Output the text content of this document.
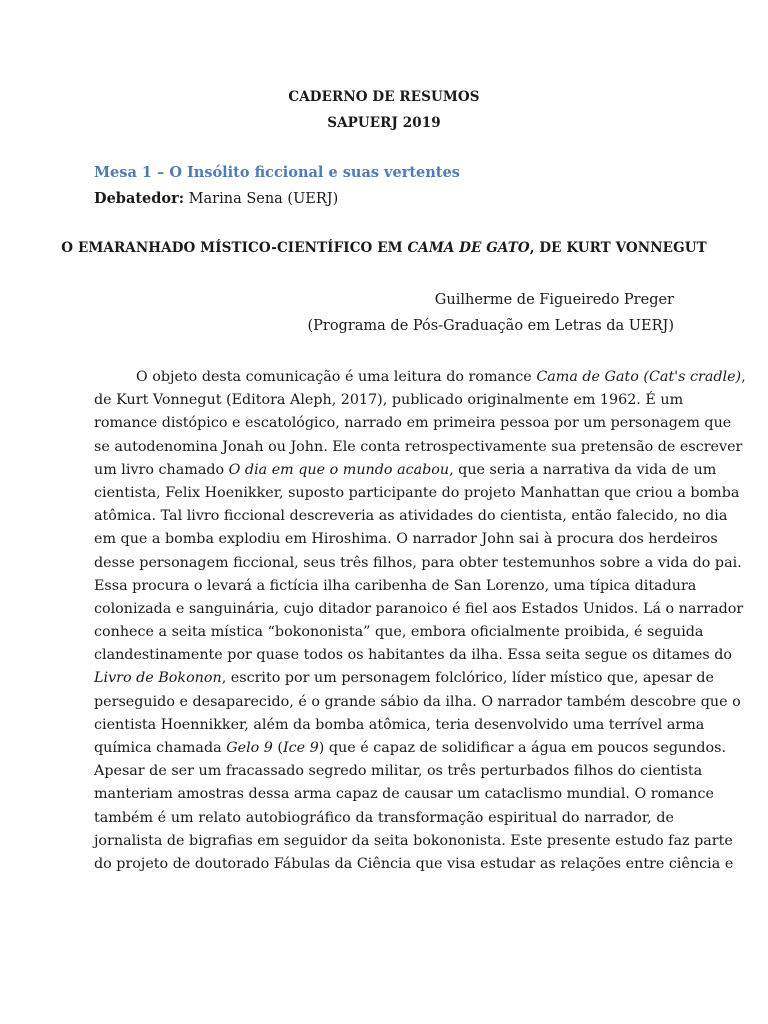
CADERNO DE RESUMOS
SAPUERJ 2019
Mesa 1 – O Insólito ficcional e suas vertentes
Debatedor: Marina Sena (UERJ)
O EMARANHADO MÍSTICO-CIENTÍFICO EM CAMA DE GATO, DE KURT VONNEGUT
Guilherme de Figueiredo Preger
(Programa de Pós-Graduação em Letras da UERJ)
O objeto desta comunicação é uma leitura do romance Cama de Gato (Cat's cradle),
de Kurt Vonnegut (Editora Aleph, 2017), publicado originalmente em 1962. É um
romance distópico e escatológico, narrado em primeira pessoa por um personagem que
se autodenomina Jonah ou John. Ele conta retrospectivamente sua pretensão de escrever
um livro chamado O dia em que o mundo acabou, que seria a narrativa da vida de um
cientista, Felix Hoenikker, suposto participante do projeto Manhattan que criou a bomba
atômica. Tal livro ficcional descreveria as atividades do cientista, então falecido, no dia
em que a bomba explodiu em Hiroshima. O narrador John sai à procura dos herdeiros
desse personagem ficcional, seus três filhos, para obter testemunhos sobre a vida do pai.
Essa procura o levará a fictícia ilha caribenha de San Lorenzo, uma típica ditadura
colonizada e sanguinária, cujo ditador paranoico é fiel aos Estados Unidos. Lá o narrador
conhece a seita mística “bokononista” que, embora oficialmente proibida, é seguida
clandestinamente por quase todos os habitantes da ilha. Essa seita segue os ditames do
Livro de Bokonon, escrito por um personagem folclórico, líder místico que, apesar de
perseguido e desaparecido, é o grande sábio da ilha. O narrador também descobre que o
cientista Hoennikker, além da bomba atômica, teria desenvolvido uma terrível arma
química chamada Gelo 9 (Ice 9) que é capaz de solidificar a água em poucos segundos.
Apesar de ser um fracassado segredo militar, os três perturbados filhos do cientista
manteriam amostras dessa arma capaz de causar um cataclismo mundial. O romance
também é um relato autobiográfico da transformação espiritual do narrador, de
jornalista de bigrafias em seguidor da seita bokononista. Este presente estudo faz parte
do projeto de doutorado Fábulas da Ciência que visa estudar as relações entre ciência e
